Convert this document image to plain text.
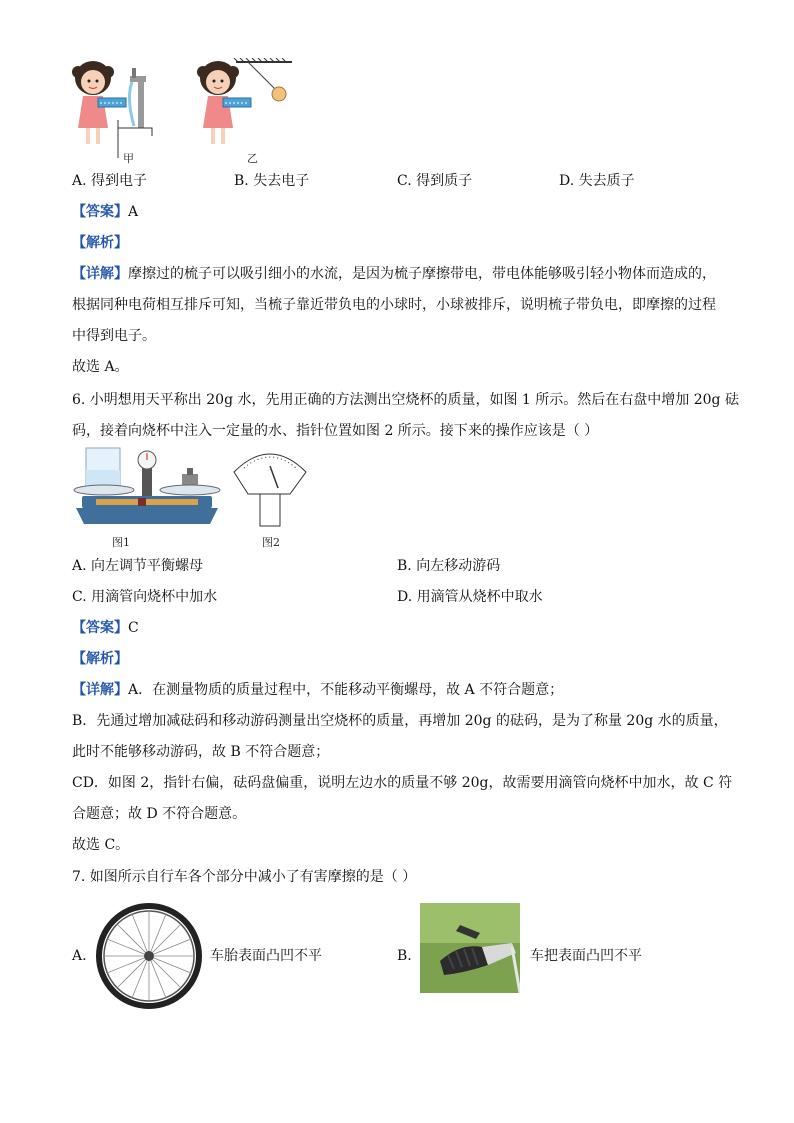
甲	乙
A. 得到电子	B. 失去电子	C. 得到质子	D. 失去质子
【答案】A
【解析】
【详解】摩擦过的梳子可以吸引细小的水流，是因为梳子摩擦带电，带电体能够吸引轻小物体而造成的，
根据同种电荷相互排斥可知，当梳子靠近带负电的小球时，小球被排斥，说明梳子带负电，即摩擦的过程
中得到电子。
故选 A。
6. 小明想用天平称出 20g 水，先用正确的方法测出空烧杯的质量，如图 1 所示。然后在右盘中增加 20g 砝
码，接着向烧杯中注入一定量的水、指针位置如图 2 所示。接下来的操作应该是（ ）
图1	图2
A. 向左调节平衡螺母	B. 向左移动游码
C. 用滴管向烧杯中加水	D. 用滴管从烧杯中取水
【答案】C
【解析】
【详解】A．在测量物质的质量过程中，不能移动平衡螺母，故 A 不符合题意；
B．先通过增加减砝码和移动游码测量出空烧杯的质量，再增加 20g 的砝码，是为了称量 20g 水的质量，
此时不能够移动游码，故 B 不符合题意；
CD．如图 2，指针右偏，砝码盘偏重，说明左边水的质量不够 20g，故需要用滴管向烧杯中加水，故 C 符
合题意；故 D 不符合题意。
故选 C。
7. 如图所示自行车各个部分中减小了有害摩擦的是（ ）
A.	车胎表面凸凹不平	B.	车把表面凸凹不平
